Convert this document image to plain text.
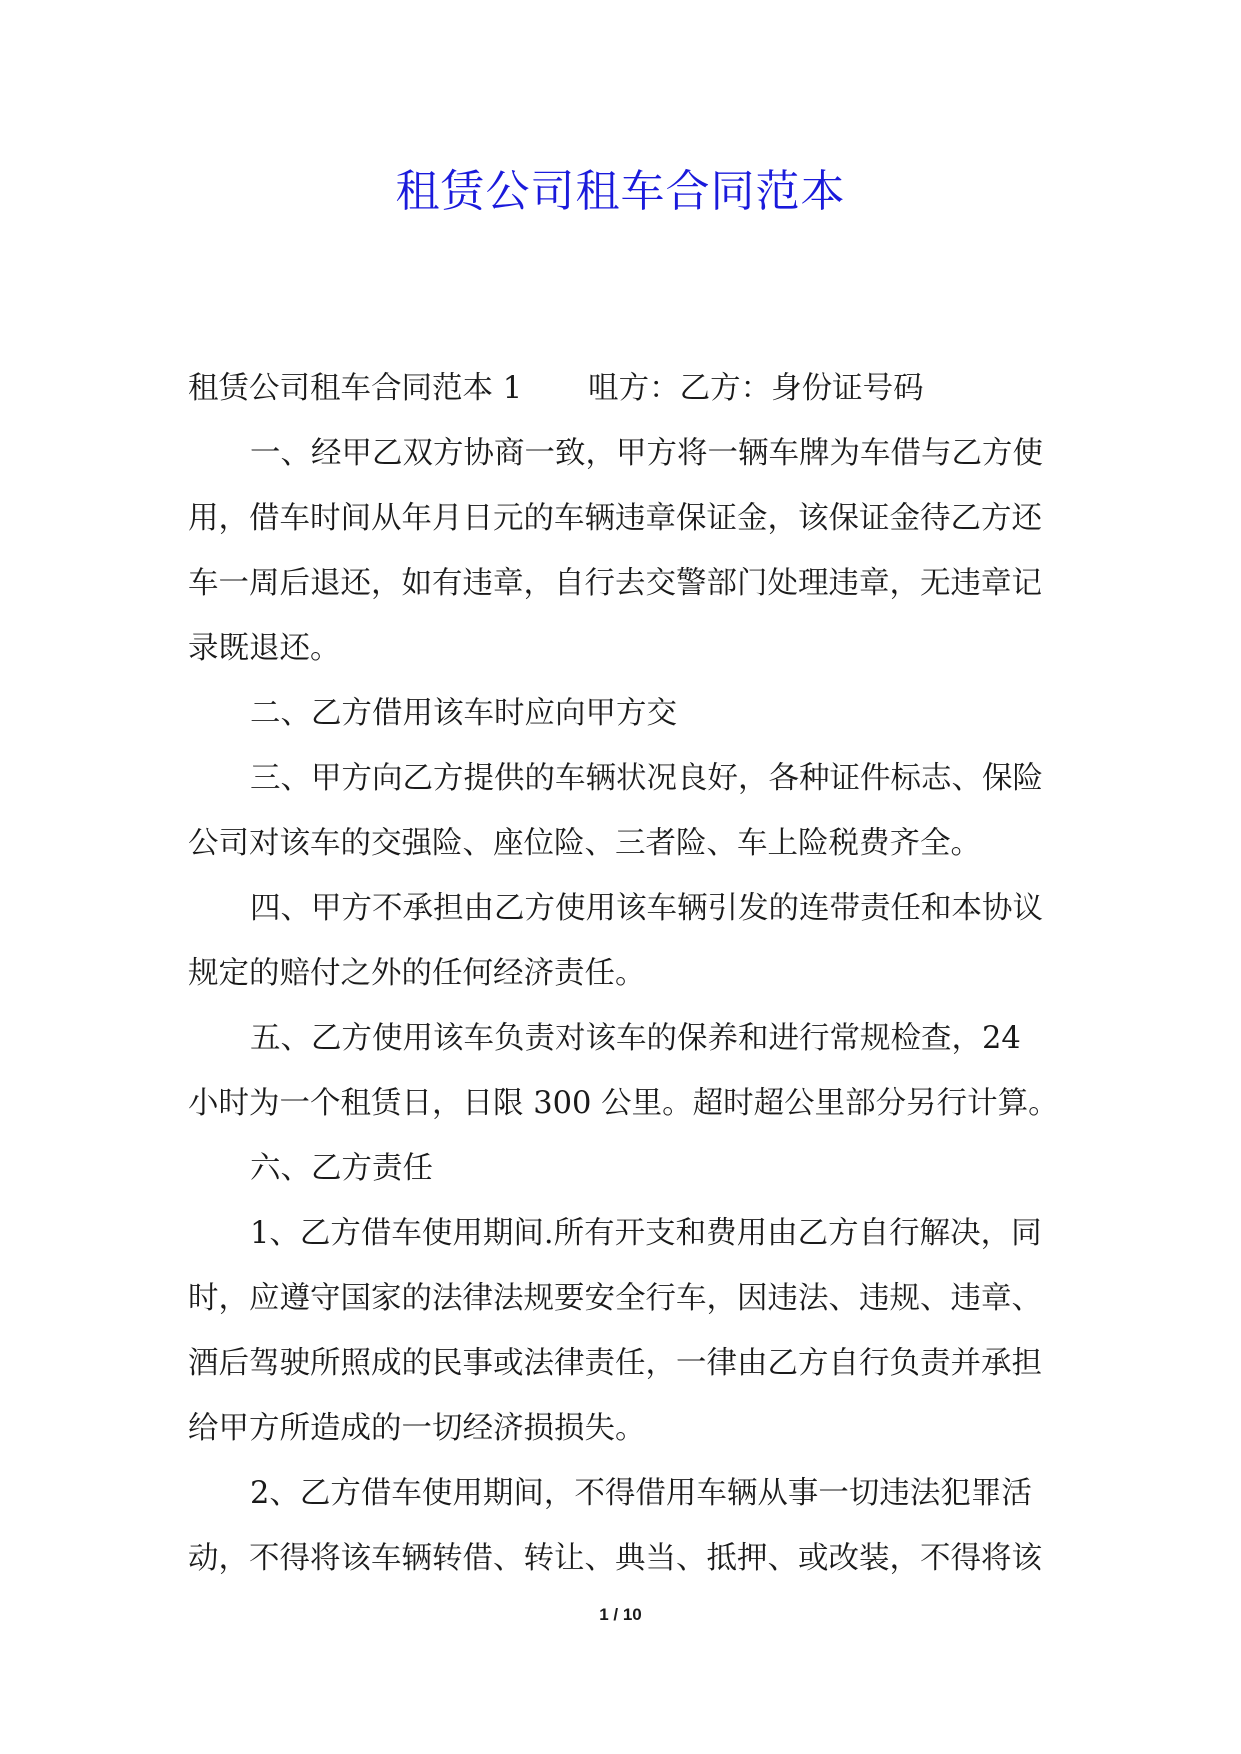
租赁公司租车合同范本

租赁公司租车合同范本 1 咀方：乙方：身份证号码

一、经甲乙双方协商一致，甲方将一辆车牌为车借与乙方使

用，借车时间从年月日元的车辆违章保证金，该保证金待乙方还

车一周后退还，如有违章，自行去交警部门处理违章，无违章记

录既退还。

二、乙方借用该车时应向甲方交

三、甲方向乙方提供的车辆状况良好，各种证件标志、保险

公司对该车的交强险、座位险、三者险、车上险税费齐全。

四、甲方不承担由乙方使用该车辆引发的连带责任和本协议

规定的赔付之外的任何经济责任。

五、乙方使用该车负责对该车的保养和进行常规检查，24

小时为一个租赁日，日限 300 公里。超时超公里部分另行计算。

六、乙方责任

1、乙方借车使用期间.所有开支和费用由乙方自行解决，同

时，应遵守国家的法律法规要安全行车，因违法、违规、违章、

酒后驾驶所照成的民事或法律责任，一律由乙方自行负责并承担

给甲方所造成的一切经济损损失。

2、乙方借车使用期间，不得借用车辆从事一切违法犯罪活

动，不得将该车辆转借、转让、典当、抵押、或改装，不得将该

1 / 10
